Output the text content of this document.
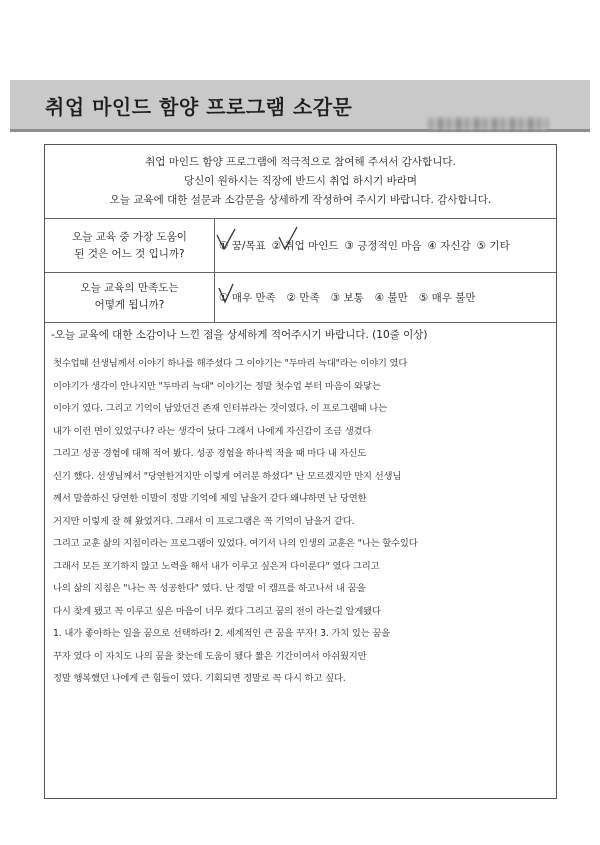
취업 마인드 함양 프로그램 소감문
취업 마인드 함양 프로그램에 적극적으로 참여해 주셔서 감사합니다.
당신이 원하시는 직장에 반드시 취업 하시기 바라며
오늘 교육에 대한 설문과 소감문을 상세하게 작성하여 주시기 바랍니다. 감사합니다.
오늘 교육 중 가장 도움이
된 것은 어느 것 입니까?
① 꿈/목표 ② 취업 마인드 ③ 긍정적인 마음 ④ 자신감 ⑤ 기타
오늘 교육의 만족도는
어떻게 됩니까?
① 매우 만족 ② 만족 ③ 보통 ④ 불만 ⑤ 매우 불만
-오늘 교육에 대한 소감이나 느낀 점을 상세하게 적어주시기 바랍니다. (10줄 이상)
첫수업때 선생님께서 이야기 하나를 해주셨다 그 이야기는 "두마리 늑대"라는 이야기 였다
이야기가 생각이 안나지만 "두마리 늑대" 이야기는 정말 첫수업 부터 마음이 와닿는
이야기 였다. 그리고 기억이 남았던건 존재 인터뷰라는 것이였다. 이 프로그램때 나는
내가 이런 면이 있었구나? 라는 생각이 났다 그래서 나에게 자신감이 조금 생겼다
그리고 성공 경험에 대해 적어 봤다. 성공 경험을 하나씩 적을 때 마다 내 자신도
신기 했다. 선생님께서 "당연한거지만 이렇게 여러분 하셨다" 난 모르겠지만 만지 선생님
께서 말씀하신 당연한 이말이 정말 기억에 제일 남을거 같다 왜냐하면 난 당연한
거지만 이렇게 잘 해 왔었거다. 그래서 이 프로그램은 꼭 기억이 남을거 같다.
그리고 교훈 삶의 지침이라는 프로그램이 있었다. 여기서 나의 인생의 교훈은 "나는 할수있다
그래서 모든 포기하지 않고 노력을 해서 내가 이루고 싶은거 다이룬다" 였다 그리고
나의 삶의 지침은 "나는 꼭 성공한다" 였다. 난 정말 이 캠프를 하고나서 내 꿈을
다시 찾게 됐고 꼭 이루고 싶은 마음이 너무 컸다 그리고 꿈의 전이 라는걸 알게됐다
1. 내가 좋아하는 일을 꿈으로 선택하라! 2. 세계적인 큰 꿈을 꾸자! 3. 가치 있는 꿈을
꾸자 였다 이 자치도 나의 꿈을 찾는데 도움이 됐다 짧은 기간이여서 아쉬웠지만
정말 행복했던 나에게 큰 힘들이 였다. 기회되면 정말로 꼭 다시 하고 싶다.
